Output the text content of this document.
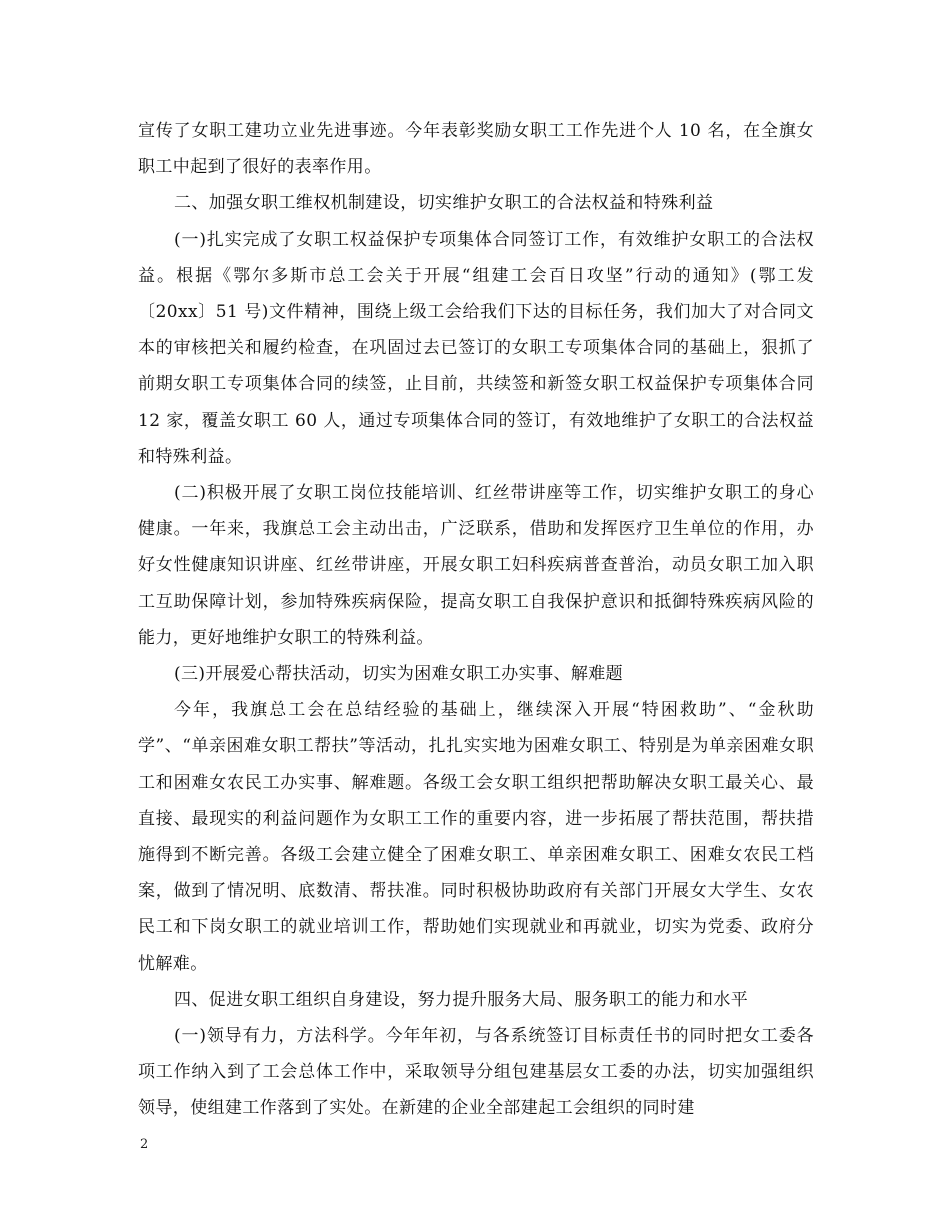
宣传了女职工建功立业先进事迹。今年表彰奖励女职工工作先进个人 10 名，在全旗女职工中起到了很好的表率作用。

二、加强女职工维权机制建设，切实维护女职工的合法权益和特殊利益

(一)扎实完成了女职工权益保护专项集体合同签订工作，有效维护女职工的合法权益。根据《鄂尔多斯市总工会关于开展“组建工会百日攻坚”行动的通知》(鄂工发〔20xx〕51 号)文件精神，围绕上级工会给我们下达的目标任务，我们加大了对合同文本的审核把关和履约检查，在巩固过去已签订的女职工专项集体合同的基础上，狠抓了前期女职工专项集体合同的续签，止目前，共续签和新签女职工权益保护专项集体合同 12 家，覆盖女职工 60 人，通过专项集体合同的签订，有效地维护了女职工的合法权益和特殊利益。

(二)积极开展了女职工岗位技能培训、红丝带讲座等工作，切实维护女职工的身心健康。一年来，我旗总工会主动出击，广泛联系，借助和发挥医疗卫生单位的作用，办好女性健康知识讲座、红丝带讲座，开展女职工妇科疾病普查普治，动员女职工加入职工互助保障计划，参加特殊疾病保险，提高女职工自我保护意识和抵御特殊疾病风险的能力，更好地维护女职工的特殊利益。

(三)开展爱心帮扶活动，切实为困难女职工办实事、解难题

今年，我旗总工会在总结经验的基础上，继续深入开展“特困救助”、“金秋助学”、“单亲困难女职工帮扶”等活动，扎扎实实地为困难女职工、特别是为单亲困难女职工和困难女农民工办实事、解难题。各级工会女职工组织把帮助解决女职工最关心、最直接、最现实的利益问题作为女职工工作的重要内容，进一步拓展了帮扶范围，帮扶措施得到不断完善。各级工会建立健全了困难女职工、单亲困难女职工、困难女农民工档案，做到了情况明、底数清、帮扶准。同时积极协助政府有关部门开展女大学生、女农民工和下岗女职工的就业培训工作，帮助她们实现就业和再就业，切实为党委、政府分忧解难。

四、促进女职工组织自身建设，努力提升服务大局、服务职工的能力和水平

(一)领导有力，方法科学。今年年初，与各系统签订目标责任书的同时把女工委各项工作纳入到了工会总体工作中，采取领导分组包建基层女工委的办法，切实加强组织领导，使组建工作落到了实处。在新建的企业全部建起工会组织的同时建

2
